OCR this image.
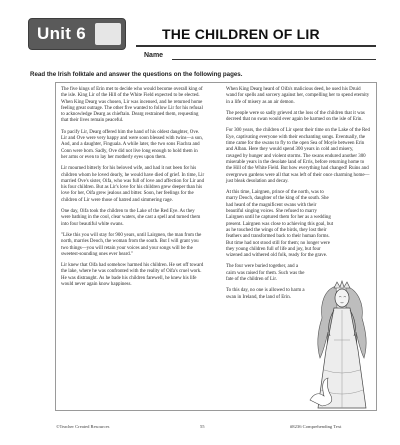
Unit 6	THE CHILDREN OF LIR
Name
Read the Irish folktale and answer the questions on the following pages.

The five kings of Erin met to decide who would become overall king of the isle. King Lir of the Hill of the White Field expected to be elected. When King Dearg was chosen, Lir was incensed, and he returned home feeling great outrage. The other five wanted to follow Lir for his refusal to acknowledge Dearg as chieftain. Dearg restrained them, requesting that their lives remain peaceful.

To pacify Lir, Dearg offered him the hand of his oldest daughter, Ove. Lir and Ove were very happy and were soon blessed with twins—a son, Aod, and a daughter, Finguala. A while later, the two sons Fiachra and Conn were born. Sadly, Ove did not live long enough to hold them in her arms or even to lay her motherly eyes upon them.

Lir mourned bitterly for his beloved wife, and had it not been for his children whom he loved dearly, he would have died of grief. In time, Lir married Ove's sister, Oifa, who was full of love and affection for Lir and his four children. But as Lir's love for his children grew deeper than his love for her, Oifa grew jealous and bitter. Soon, her feelings for the children of Lir were those of hatred and simmering rage.

One day, Oifa took the children to the Lake of the Red Eye. As they were bathing in the cool, clear waters, she cast a spell and turned them into four beautiful white swans.

"Like this you will stay for 900 years, until Lairgnen, the man from the north, marries Deoch, the woman from the south. But I will grant you two things—you will retain your voices and your songs will be the sweetest-sounding ones ever heard."

Lir knew that Oifa had somehow harmed his children. He set off toward the lake, where he was confronted with the reality of Oifa's cruel work. He was distraught. As he bade his children farewell, he knew his life would never again know happiness.

When King Dearg heard of Oifa's malicious deed, he used his Druid wand for spells and sorcery against her, compelling her to spend eternity in a life of misery as an air demon.

The people were so sadly grieved at the loss of the children that it was decreed that no swan would ever again be harmed on the isle of Erin.

For 300 years, the children of Lir spent their time on the Lake of the Red Eye, captivating everyone with their enchanting songs. Eventually, the time came for the swans to fly to the open Sea of Moyle between Erin and Alban. Here they would spend 300 years in cold and misery, ravaged by hunger and violent storms. The swans endured another 300 miserable years in the desolate land of Erris, before returning home to the Hill of the White Field. But how everything had changed! Ruins and overgrown gardens were all that was left of their once charming home—just bleak desolation and decay.

At this time, Lairgnen, prince of the north, was to marry Deoch, daughter of the king of the south. She had heard of the magnificent swans with their beautiful singing voices. She refused to marry Lairgnen until he captured them for her as a wedding present. Lairgnen was close to achieving this goal, but as he touched the wings of the birds, they lost their feathers and transformed back to their human forms. But time had not stood still for them; no longer were they young children full of life and joy, but four wizened and withered old folk, ready for the grave.

The four were buried together, and a cairn was raised for them. Such was the fate of the children of Lir.

To this day, no one is allowed to harm a swan in Ireland, the land of Erin.

©Teacher Created Resources	55	#8236 Comprehending Text
